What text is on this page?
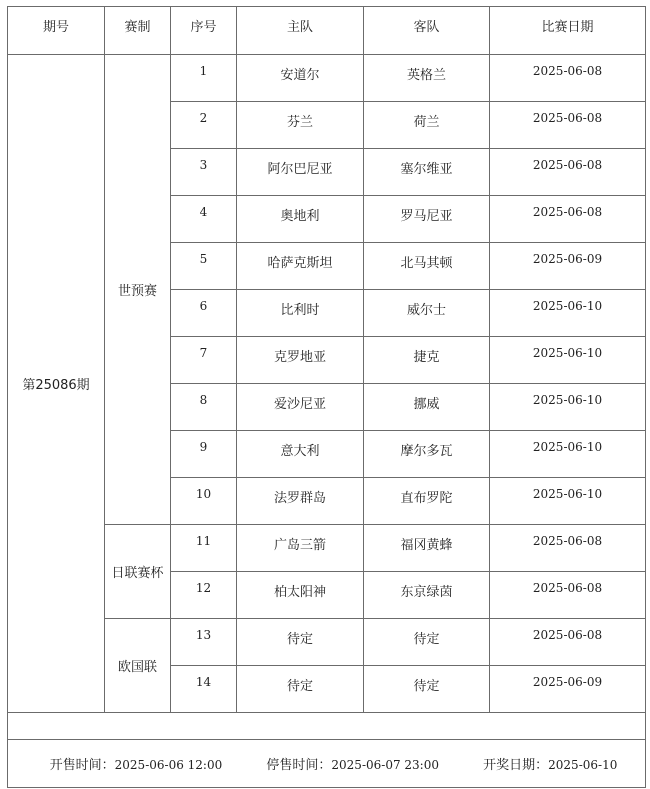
期号	赛制	序号	主队	客队	比赛日期
第25086期	世预赛	1	安道尔	英格兰	2025-06-08
		2	芬兰	荷兰	2025-06-08
		3	阿尔巴尼亚	塞尔维亚	2025-06-08
		4	奥地利	罗马尼亚	2025-06-08
		5	哈萨克斯坦	北马其顿	2025-06-09
		6	比利时	威尔士	2025-06-10
		7	克罗地亚	捷克	2025-06-10
		8	爱沙尼亚	挪威	2025-06-10
		9	意大利	摩尔多瓦	2025-06-10
		10	法罗群岛	直布罗陀	2025-06-10
	日联赛杯	11	广岛三箭	福冈黄蜂	2025-06-08
		12	柏太阳神	东京绿茵	2025-06-08
	欧国联	13	待定	待定	2025-06-08
		14	待定	待定	2025-06-09

开售时间：2025-06-06 12:00 停售时间：2025-06-07 23:00 开奖日期：2025-06-10					
